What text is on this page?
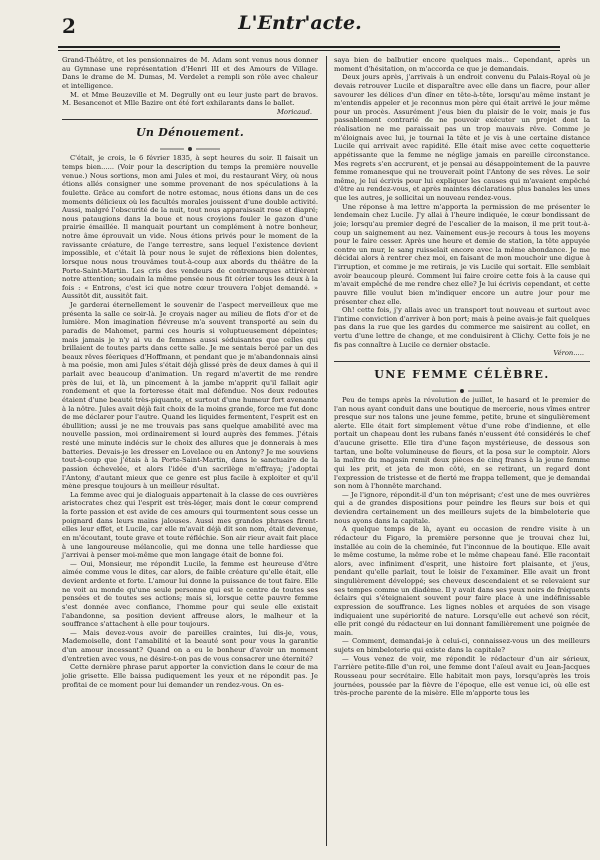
2	L'Entr'acte.

Grand-Théâtre, et les pensionnaires de M. Adam sont venus nous donner au Gymnase une représentation d'Henri III et des Amours de Village. Dans le drame de M. Dumas, M. Verdelet a rempli son rôle avec chaleur et intelligence.

M. et Mme Beuzeville et M. Degrully ont eu leur juste part de bravos. M. Besancenot et Mlle Bazire ont été fort exhilarants dans le ballet.

Moricaud.
Un Dénouement.

C'était, je crois, le 6 février 1835, à sept heures du soir. Il faisait un temps bien...... (Voir pour la description du temps la première nouvelle venue.) Nous sortions, mon ami Jules et moi, du restaurant Véry, où nous étions allés consigner une somme provenant de nos spéculations à la foulette. Grâce au comfort de notre estomac, nous étions dans un de ces moments délicieux où les facultés morales jouissent d'une double activité. Aussi, malgré l'obscurité de la nuit, tout nous apparaissait rose et diapré; nous pataugions dans la boue et nous croyions fouler le gazon d'une prairie émaillée. Il manquait pourtant un complément à notre bonheur, notre âme éprouvait un vide. Nous étions privés pour le moment de la ravissante créature, de l'ange terrestre, sans lequel l'existence devient impossible, et c'était là pour nous le sujet de réflexions bien dolentes, lorsque nous nous trouvâmes tout-à-coup aux abords du théâtre de la Porte-Saint-Martin. Les cris des vendeurs de contremarques attirèrent notre attention; soudain la même pensée nous fit cérier tous les deux à la fois : « Entrons, c'est ici que notre cœur trouvera l'objet demandé. » Aussitôt dit, aussitôt fait.

Je garderai éternellement le souvenir de l'aspect merveilleux que me présenta la salle ce soir-là. Je croyais nager au milieu de flots d'or et de lumière. Mon imagination fiévreuse m'a souvent transporté au sein du paradis de Mahomet, parmi ces houris si voluptueusement dépeintes; mais jamais je n'y ai vu de femmes aussi séduisantes que celles qui brillaient de toutes parts dans cette salle. Je me sentais bercé par un des beaux rêves féeriques d'Hoffmann, et pendant que je m'abandonnais ainsi à ma poésie, mon ami Jules s'était déjà glissé près de deux dames à qui il parlait avec beaucoup d'animation. Un regard m'avertit de me rendre près de lui, et là, un pincement à la jambe m'apprit qu'il fallait agir rondement et que la forteresse était mal défendue. Nos deux redoutes étaient d'une beauté très-piquante, et surtout d'une humeur fort avenante à la nôtre. Jules avait déjà fait choix de la moins grande, force me fut donc de me déclarer pour l'autre. Quand les liquides fermentent, l'esprit est en ébullition; aussi je ne me trouvais pas sans quelque amabilité avec ma nouvelle passion, moi ordinairement si lourd auprès des femmes. J'étais resté une minute indécis sur le choix des allures que je donnerais à mes batteries. Devais-je les dresser en Lovelace ou en Antony? Je me souviens tout-à-coup que j'étais à la Porte-Saint-Martin, dans le sanctuaire de la passion échevelée, et alors l'idée d'un sacrilège m'effraya; j'adoptai l'Antony, d'autant mieux que ce genre est plus facile à exploiter et qu'il mène presque toujours à un meilleur résultat.

La femme avec qui je dialoguais appartenait à la classe de ces ouvrières aristocrates chez qui l'esprit est très-léger, mais dont le cœur comprend la forte passion et est avide de ces amours qui tourmentent sous cesse un poignard dans leurs mains jalouses. Aussi mes grandes phrases firent-elles leur effet, et Lucile, car elle m'avait déjà dit son nom, était devenue, en m'écoutant, toute grave et toute réfléchie. Son air rieur avait fait place à une langoureuse mélancolie, qui me donna une telle hardiesse que j'arrivai à penser moi-même que mon langage était de bonne foi.

— Oui, Monsieur, me répondit Lucile, la femme est heureuse d'être aimée comme vous le dites, car alors, de faible créature qu'elle était, elle devient ardente et forte. L'amour lui donne la puissance de tout faire. Elle ne voit au monde qu'une seule personne qui est le centre de toutes ses pensées et de toutes ses actions; mais si, lorsque cette pauvre femme s'est donnée avec confiance, l'homme pour qui seule elle existait l'abandonne, sa position devient affreuse alors, le malheur et la souffrance s'attachent à elle pour toujours.

— Mais devez-vous avoir de pareilles craintes, lui dis-je, vous, Mademoiselle, dont l'amabilité et la beauté sont pour vous la garantie d'un amour incessant? Quand on a eu le bonheur d'avoir un moment d'entretien avec vous, ne désire-t-on pas de vous consacrer une éternité?

Cette dernière phrase parut apporter la conviction dans le cœur de ma jolie grisette. Elle baissa pudiquement les yeux et ne répondit pas. Je profitai de ce moment pour lui demander un rendez-vous. On es-

saya bien de balbutier encore quelques mais... Cependant, après un moment d'hésitation, on m'accorda ce que je demandais.

Deux jours après, j'arrivais à un endroit convenu du Palais-Royal où je devais retrouver Lucile et disparaître avec elle dans un fiacre, pour aller savourer les délices d'un dîner en tête-à-tête, lorsqu'au même instant je m'entendis appeler et je reconnus mon père qui était arrivé le jour même pour un procès. Assurément j'eus bien du plaisir de le voir, mais je fus passablement contrarié de ne pouvoir exécuter un projet dont la réalisation ne me paraissait pas un trop mauvais rêve. Comme je m'éloignais avec lui, je tournai la tête et je vis à une certaine distance Lucile qui arrivait avec rapidité. Elle était mise avec cette coquetterie appétissante que la femme ne néglige jamais en pareille circonstance. Mes regrets s'en accrurent, et je pensai au désappointement de la pauvre femme romanesque qui ne trouverait point l'Antony de ses rêves. Le soir même, je lui écrivis pour lui expliquer les causes qui m'avaient empêché d'être au rendez-vous, et après maintes déclarations plus banales les unes que les autres, je sollicitai un nouveau rendez-vous.

Une réponse à ma lettre m'apporta la permission de me présenter le lendemain chez Lucile. J'y allai à l'heure indiquée, le cœur bondissant de joie; lorsqu'au premier degré de l'escalier de la maison, il me prit tout-à-coup un saignement au nez. Vainement eus-je recours à tous les moyens pour le faire cesser. Après une heure et demie de station, la tête appuyée contre un mur, le sang ruisselait encore avec la même abondance. Je me décidai alors à rentrer chez moi, en faisant de mon mouchoir une digue à l'irruption, et comme je me retirais, je vis Lucile qui sortait. Elle semblait avoir beaucoup pleuré. Comment lui faire croire cette fois à la cause qui m'avait empêché de me rendre chez elle? Je lui écrivis cependant, et cette pauvre fille voulut bien m'indiquer encore un autre jour pour me présenter chez elle.

Oh! cette fois, j'y allais avec un transport tout nouveau et surtout avec l'intime conviction d'arriver à bon port; mais à peine avais-je fait quelques pas dans la rue que les gardes du commerce me saisirent au collet, en vertu d'une lettre de change, et me conduisirent à Clichy. Cette fois je ne fis pas connaître à Lucile ce dernier obstacle.

Véron.....
UNE FEMME CÉLÈBRE.

Peu de temps après la révolution de juillet, le hasard et le premier de l'an nous ayant conduit dans une boutique de mercerie, nous vîmes entrer presque sur nos talons une jeune femme, petite, brune et singulièrement alerte. Elle était fort simplement vêtue d'une robe d'indienne, et elle portait un chapeau dont les rubans fanés n'eussent été considérés le chef d'aucune grisette. Elle tira d'une façon mystérieuse, de dessous son tartan, une boîte volumineuse de fleurs, et la posa sur le comptoir. Alors la maître du magasin remit deux pièces de cinq francs à la jeune femme qui les prit, et jeta de mon côté, en se retirant, un regard dont l'expression de tristesse et de fierté me frappa tellement, que je demandai son nom à l'honnête marchand.

— Je l'ignore, répondit-il d'un ton méprisant; c'est une de mes ouvrières qui a de grandes dispositions pour peindre les fleurs sur bois et qui deviendra certainement un des meilleurs sujets de la bimbeloterie que nous ayons dans la capitale.

A quelque temps de là, ayant eu occasion de rendre visite à un rédacteur du Figaro, la première personne que je trouvai chez lui, installée au coin de la cheminée, fut l'inconnue de la boutique. Elle avait le même costume, la même robe et le même chapeau fané. Elle racontait alors, avec infiniment d'esprit, une histoire fort plaisante, et j'eus, pendant qu'elle parlait, tout le loisir de l'examiner. Elle avait un front singulièrement développé; ses cheveux descendaient et se relevaient sur ses tempes comme un diadème. Il y avait dans ses yeux noirs de fréquents éclairs qui s'éteignaient souvent pour faire place à une indéfinissable expression de souffrance. Les lignes nobles et arquées de son visage indiquaient une supériorité de nature. Lorsqu'elle eut achevé son récit, elle prit congé du rédacteur en lui donnant familièrement une poignée de main.

— Comment, demandai-je à celui-ci, connaissez-vous un des meilleurs sujets en bimbeloterie qui existe dans la capitale?

— Vous venez de voir, me répondit le rédacteur d'un air sérieux, l'arrière petite-fille d'un roi, une femme dont l'aïeul avait eu Jean-Jacques Rousseau pour secrétaire. Elle habitait mon pays, lorsqu'après les trois journées, poussée par la fièvre de l'époque, elle est venue ici, où elle est très-proche parente de la misère. Elle m'apporte tous les
